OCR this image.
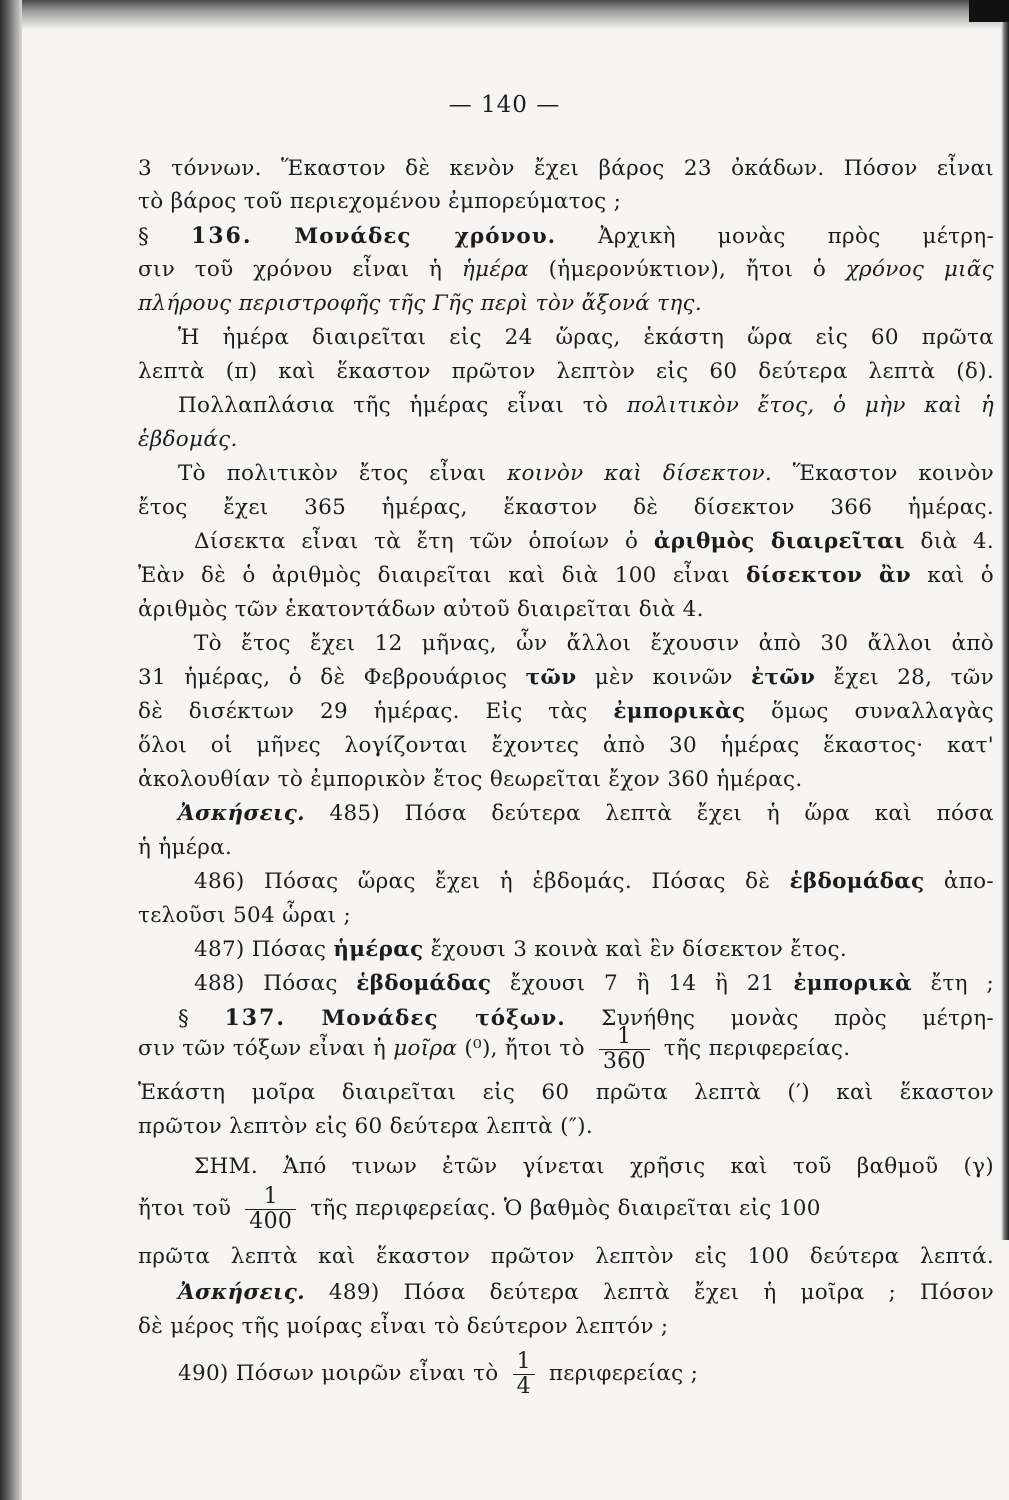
— 140 —
3 τόννων. Ἕκαστον δὲ κενὸν ἔχει βάρος 23 ὀκάδων. Πόσον εἶναι
τὸ βάρος τοῦ περιεχομένου ἐμπορεύματος ;
§ 136. Μονάδες χρόνου. Ἀρχικὴ μονὰς πρὸς μέτρη-
σιν τοῦ χρόνου εἶναι ἡ ἡμέρα (ἡμερονύκτιον), ἤτοι ὁ χρόνος μιᾶς
πλήρους περιστροφῆς τῆς Γῆς περὶ τὸν ἄξονά της.
Ἡ ἡμέρα διαιρεῖται εἰς 24 ὥρας, ἑκάστη ὥρα εἰς 60 πρῶτα
λεπτὰ (π) καὶ ἕκαστον πρῶτον λεπτὸν εἰς 60 δεύτερα λεπτὰ (δ).
Πολλαπλάσια τῆς ἡμέρας εἶναι τὸ πολιτικὸν ἔτος, ὁ μὴν καὶ ἡ
ἑβδομάς.
Τὸ πολιτικὸν ἔτος εἶναι κοινὸν καὶ δίσεκτον. Ἕκαστον κοινὸν
ἔτος ἔχει 365 ἡμέρας, ἕκαστον δὲ δίσεκτον 366 ἡμέρας.
Δίσεκτα εἶναι τὰ ἔτη τῶν ὁποίων ὁ ἀριθμὸς διαιρεῖται διὰ 4.
Ἐὰν δὲ ὁ ἀριθμὸς διαιρεῖται καὶ διὰ 100 εἶναι δίσεκτον ἂν καὶ ὁ
ἀριθμὸς τῶν ἑκατοντάδων αὐτοῦ διαιρεῖται διὰ 4.
Τὸ ἔτος ἔχει 12 μῆνας, ὧν ἄλλοι ἔχουσιν ἀπὸ 30 ἄλλοι ἀπὸ
31 ἡμέρας, ὁ δὲ Φεβρουάριος τῶν μὲν κοινῶν ἐτῶν ἔχει 28, τῶν
δὲ δισέκτων 29 ἡμέρας. Εἰς τὰς ἐμπορικὰς ὅμως συναλλαγὰς
ὅλοι οἱ μῆνες λογίζονται ἔχοντες ἀπὸ 30 ἡμέρας ἕκαστος· κατ'
ἀκολουθίαν τὸ ἐμπορικὸν ἔτος θεωρεῖται ἔχον 360 ἡμέρας.
Ἀσκήσεις. 485) Πόσα δεύτερα λεπτὰ ἔχει ἡ ὥρα καὶ πόσα
ἡ ἡμέρα.
486) Πόσας ὥρας ἔχει ἡ ἑβδομάς. Πόσας δὲ ἑβδομάδας ἀπο-
τελοῦσι 504 ὧραι ;
487) Πόσας ἡμέρας ἔχουσι 3 κοινὰ καὶ ἓν δίσεκτον ἔτος.
488) Πόσας ἑβδομάδας ἔχουσι 7 ἢ 14 ἢ 21 ἐμπορικὰ ἔτη ;
§ 137. Μονάδες τόξων. Συνήθης μονὰς πρὸς μέτρη-
σιν τῶν τόξων εἶναι ἡ μοῖρα (⁰), ἤτοι τὸ $\frac{1}{360}$ τῆς περιφερείας.
Ἑκάστη μοῖρα διαιρεῖται εἰς 60 πρῶτα λεπτὰ (′) καὶ ἕκαστον
πρῶτον λεπτὸν εἰς 60 δεύτερα λεπτὰ (″).
ΣΗΜ. Ἀπό τινων ἐτῶν γίνεται χρῆσις καὶ τοῦ βαθμοῦ (γ)
ἤτοι τοῦ $\frac{1}{400}$ τῆς περιφερείας. Ὁ βαθμὸς διαιρεῖται εἰς 100
πρῶτα λεπτὰ καὶ ἕκαστον πρῶτον λεπτὸν εἰς 100 δεύτερα λεπτά.
Ἀσκήσεις. 489) Πόσα δεύτερα λεπτὰ ἔχει ἡ μοῖρα ; Πόσον
δὲ μέρος τῆς μοίρας εἶναι τὸ δεύτερον λεπτόν ;
490) Πόσων μοιρῶν εἶναι τὸ $\frac{1}{4}$ περιφερείας ;
